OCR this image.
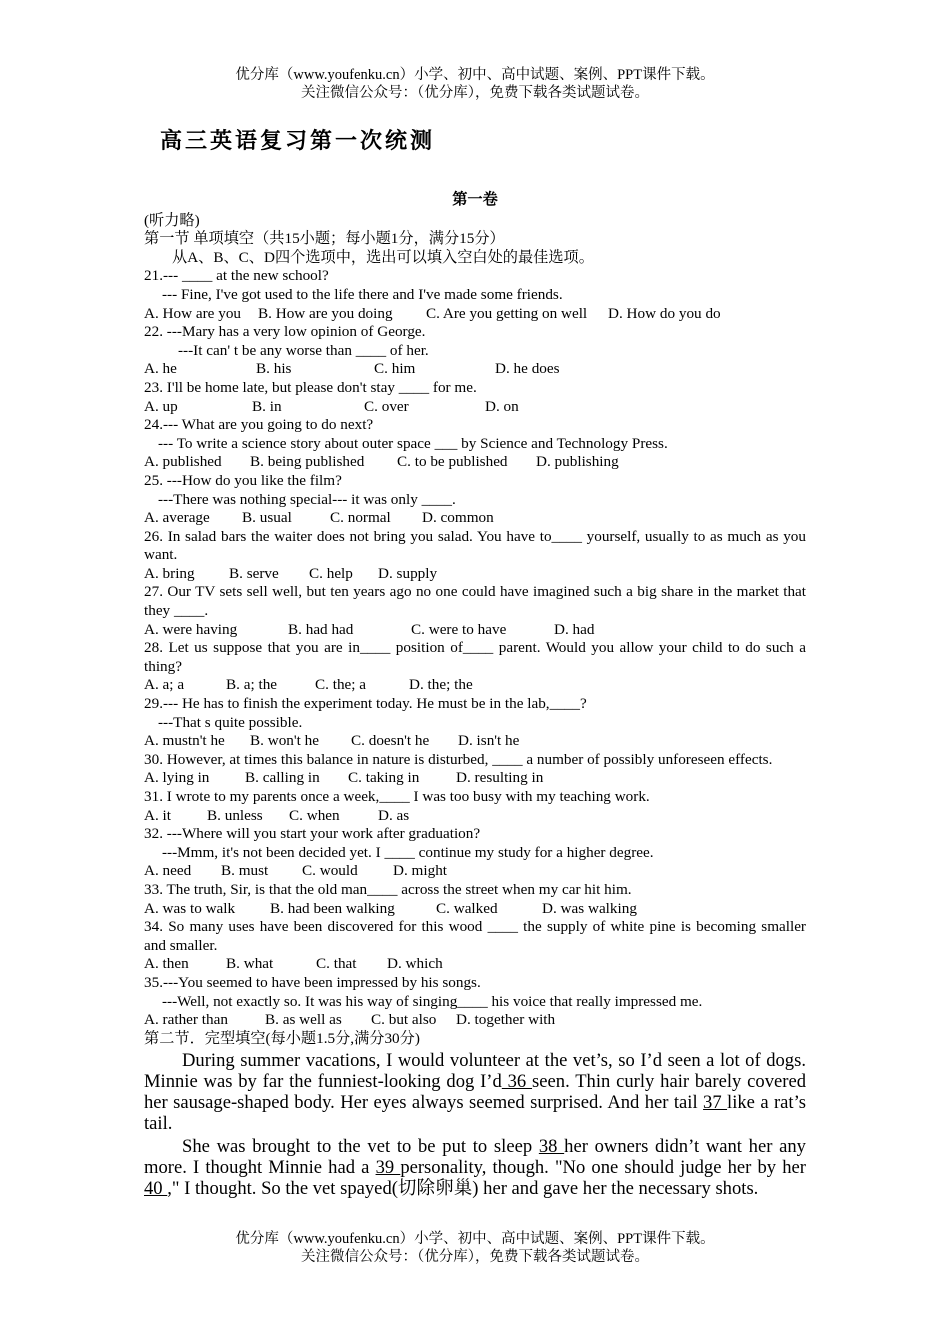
优分库（www.youfenku.cn）小学、初中、高中试题、案例、PPT课件下载。
关注微信公众号：（优分库），免费下载各类试题试卷。
高三英语复习第一次统测
第一卷
(听力略)
第一节 单项填空（共15小题；每小题1分，满分15分）
从A、B、C、D四个选项中，选出可以填入空白处的最佳选项。
21.--- ____ at the new school?
--- Fine, I've got used to the life there and I've made some friends.
A. How are you	B. How are you doing	C. Are you getting on well	D. How do you do
22. ---Mary has a very low opinion of George.
---It can' t be any worse than ____ of her.
A. he	B. his	C. him	D. he does
23. I'll be home late, but please don't stay ____ for me.
A. up	B. in	C. over	D. on
24.--- What are you going to do next?
--- To write a science story about outer space ___ by Science and Technology Press.
A. published	B. being published	C. to be published	D. publishing
25. ---How do you like the film?
---There was nothing special--- it was only ____.
A. average	B. usual	C. normal	D. common
26. In salad bars the waiter does not bring you salad. You have to____ yourself, usually to as much as you want.
A. bring	B. serve	C. help	D. supply
27. Our TV sets sell well, but ten years ago no one could have imagined such a big share in the market that they ____.
A. were having	B. had had	C. were to have	D. had
28. Let us suppose that you are in____ position of____ parent. Would you allow your child to do such a thing?
A. a; a	B. a; the	C. the; a	D. the; the
29.--- He has to finish the experiment today. He must be in the lab,____?
---That s quite possible.
A. mustn't he	B. won't he	C. doesn't he	D. isn't he
30. However, at times this balance in nature is disturbed, ____ a number of possibly unforeseen effects.
A. lying in	B. calling in	C. taking in	D. resulting in
31. I wrote to my parents once a week,____ I was too busy with my teaching work.
A. it	B. unless	C. when	D. as
32. ---Where will you start your work after graduation?
---Mmm, it's not been decided yet. I ____ continue my study for a higher degree.
A. need	B. must	C. would	D. might
33. The truth, Sir, is that the old man____ across the street when my car hit him.
A. was to walk	B. had been walking	C. walked	D. was walking
34. So many uses have been discovered for this wood ____ the supply of white pine is becoming smaller and smaller.
A. then	B. what	C. that	D. which
35.---You seemed to have been impressed by his songs.
---Well, not exactly so. It was his way of singing____ his voice that really impressed me.
A. rather than	B. as well as	C. but also	D. together with
第二节．完型填空(每小题1.5分,满分30分)
During summer vacations, I would volunteer at the vet’s, so I’d seen a lot of dogs. Minnie was by far the funniest-looking dog I’d 36 seen. Thin curly hair barely covered her sausage-shaped body. Her eyes always seemed surprised. And her tail 37 like a rat’s tail.
She was brought to the vet to be put to sleep 38 her owners didn’t want her any more. I thought Minnie had a 39 personality, though. "No one should judge her by her 40 ," I thought. So the vet spayed(切除卵巢) her and gave her the necessary shots.
优分库（www.youfenku.cn）小学、初中、高中试题、案例、PPT课件下载。
关注微信公众号：（优分库），免费下载各类试题试卷。
